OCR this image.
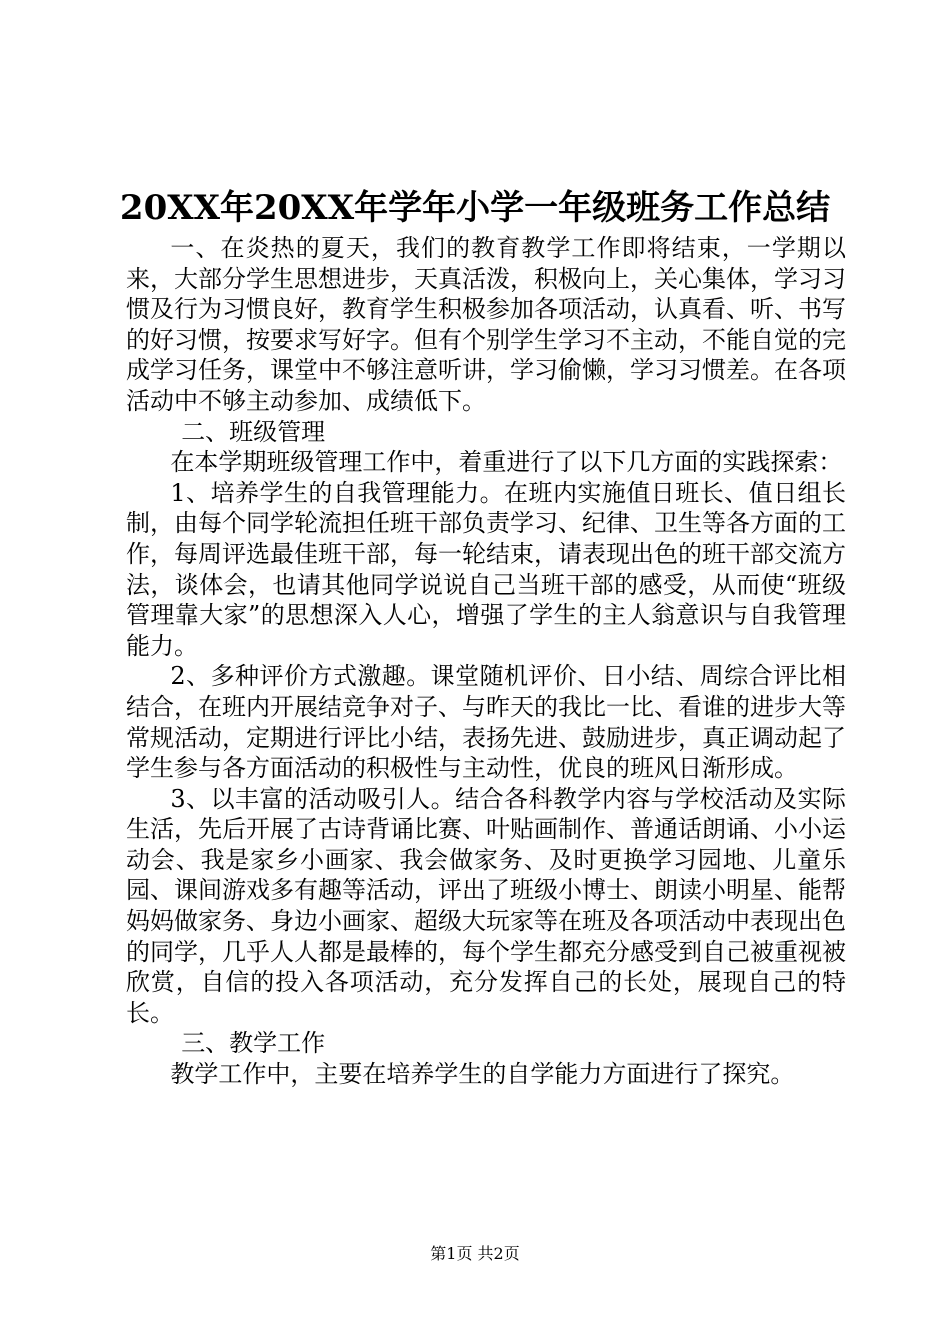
20XX年20XX年学年小学一年级班务工作总结

一、在炎热的夏天，我们的教育教学工作即将结束，一学期以来，大部分学生思想进步，天真活泼，积极向上，关心集体，学习习惯及行为习惯良好，教育学生积极参加各项活动，认真看、听、书写的好习惯，按要求写好字。但有个别学生学习不主动，不能自觉的完成学习任务，课堂中不够注意听讲，学习偷懒，学习习惯差。在各项活动中不够主动参加、成绩低下。

二、班级管理

在本学期班级管理工作中，着重进行了以下几方面的实践探索：

1、培养学生的自我管理能力。在班内实施值日班长、值日组长制，由每个同学轮流担任班干部负责学习、纪律、卫生等各方面的工作，每周评选最佳班干部，每一轮结束，请表现出色的班干部交流方法，谈体会，也请其他同学说说自己当班干部的感受，从而使“班级管理靠大家”的思想深入人心，增强了学生的主人翁意识与自我管理能力。

2、多种评价方式激趣。课堂随机评价、日小结、周综合评比相结合，在班内开展结竞争对子、与昨天的我比一比、看谁的进步大等常规活动，定期进行评比小结，表扬先进、鼓励进步，真正调动起了学生参与各方面活动的积极性与主动性，优良的班风日渐形成。

3、以丰富的活动吸引人。结合各科教学内容与学校活动及实际生活，先后开展了古诗背诵比赛、叶贴画制作、普通话朗诵、小小运动会、我是家乡小画家、我会做家务、及时更换学习园地、儿童乐园、课间游戏多有趣等活动，评出了班级小博士、朗读小明星、能帮妈妈做家务、身边小画家、超级大玩家等在班及各项活动中表现出色的同学，几乎人人都是最棒的，每个学生都充分感受到自己被重视被欣赏，自信的投入各项活动，充分发挥自己的长处，展现自己的特长。

三、教学工作

教学工作中，主要在培养学生的自学能力方面进行了探究。

第1页 共2页
